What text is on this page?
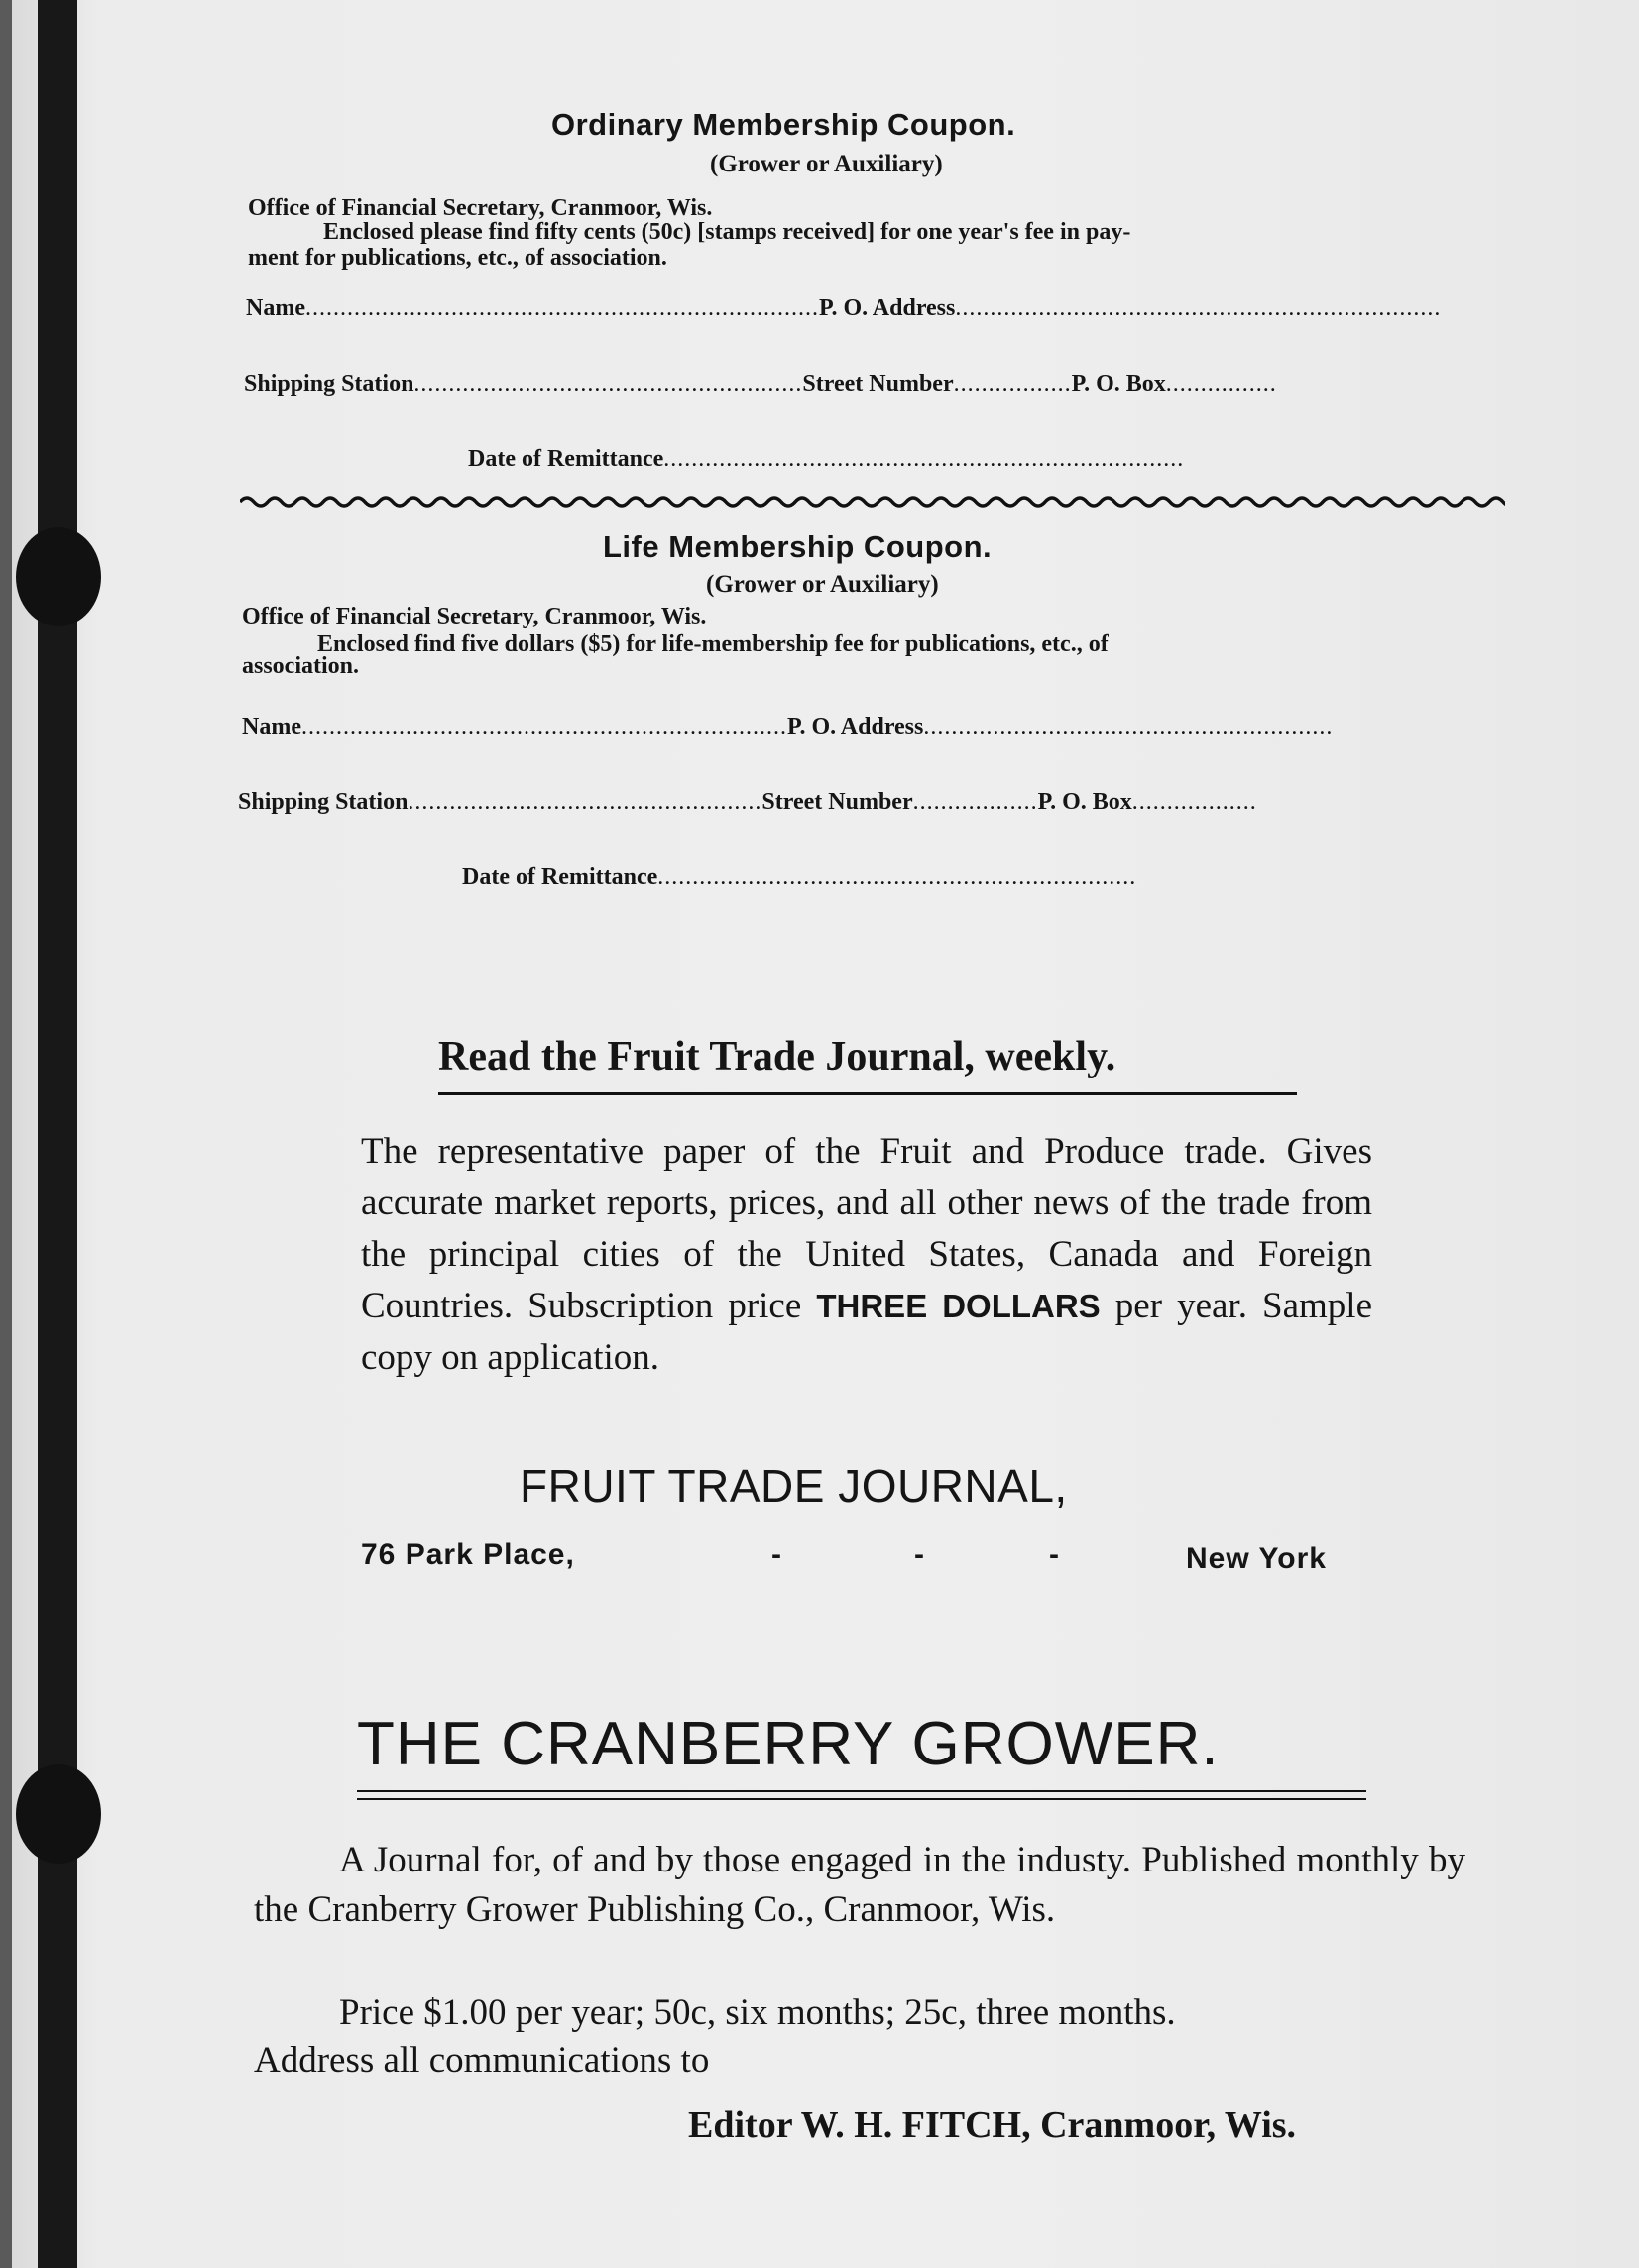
Ordinary Membership Coupon.
(Grower or Auxiliary)
Office of Financial Secretary, Cranmoor, Wis.
Enclosed please find fifty cents (50c) [stamps received] for one year's fee in pay-
ment for publications, etc., of association.
Name..........................................................................P. O. Address......................................................................
Shipping Station........................................................Street Number.................P. O. Box................
Date of Remittance...........................................................................
Life Membership Coupon.
(Grower or Auxiliary)
Office of Financial Secretary, Cranmoor, Wis.
Enclosed find five dollars ($5) for life-membership fee for publications, etc., of
association.
Name......................................................................P. O. Address...........................................................
Shipping Station...................................................Street Number..................P. O. Box..................
Date of Remittance.....................................................................
Read the Fruit Trade Journal, weekly.
The representative paper of the Fruit and Produce trade. Gives accurate market reports, prices, and all other news of the trade from the principal cities of the United States, Canada and Foreign Countries. Subscription price THREE DOLLARS per year. Sample copy on application.
FRUIT TRADE JOURNAL,
76 Park Place,	-	-	-	New York
THE CRANBERRY GROWER.
A Journal for, of and by those engaged in the industy. Published monthly by the Cranberry Grower Publishing Co., Cranmoor, Wis.
Price $1.00 per year; 50c, six months; 25c, three months.
Address all communications to
Editor W. H. FITCH, Cranmoor, Wis.
